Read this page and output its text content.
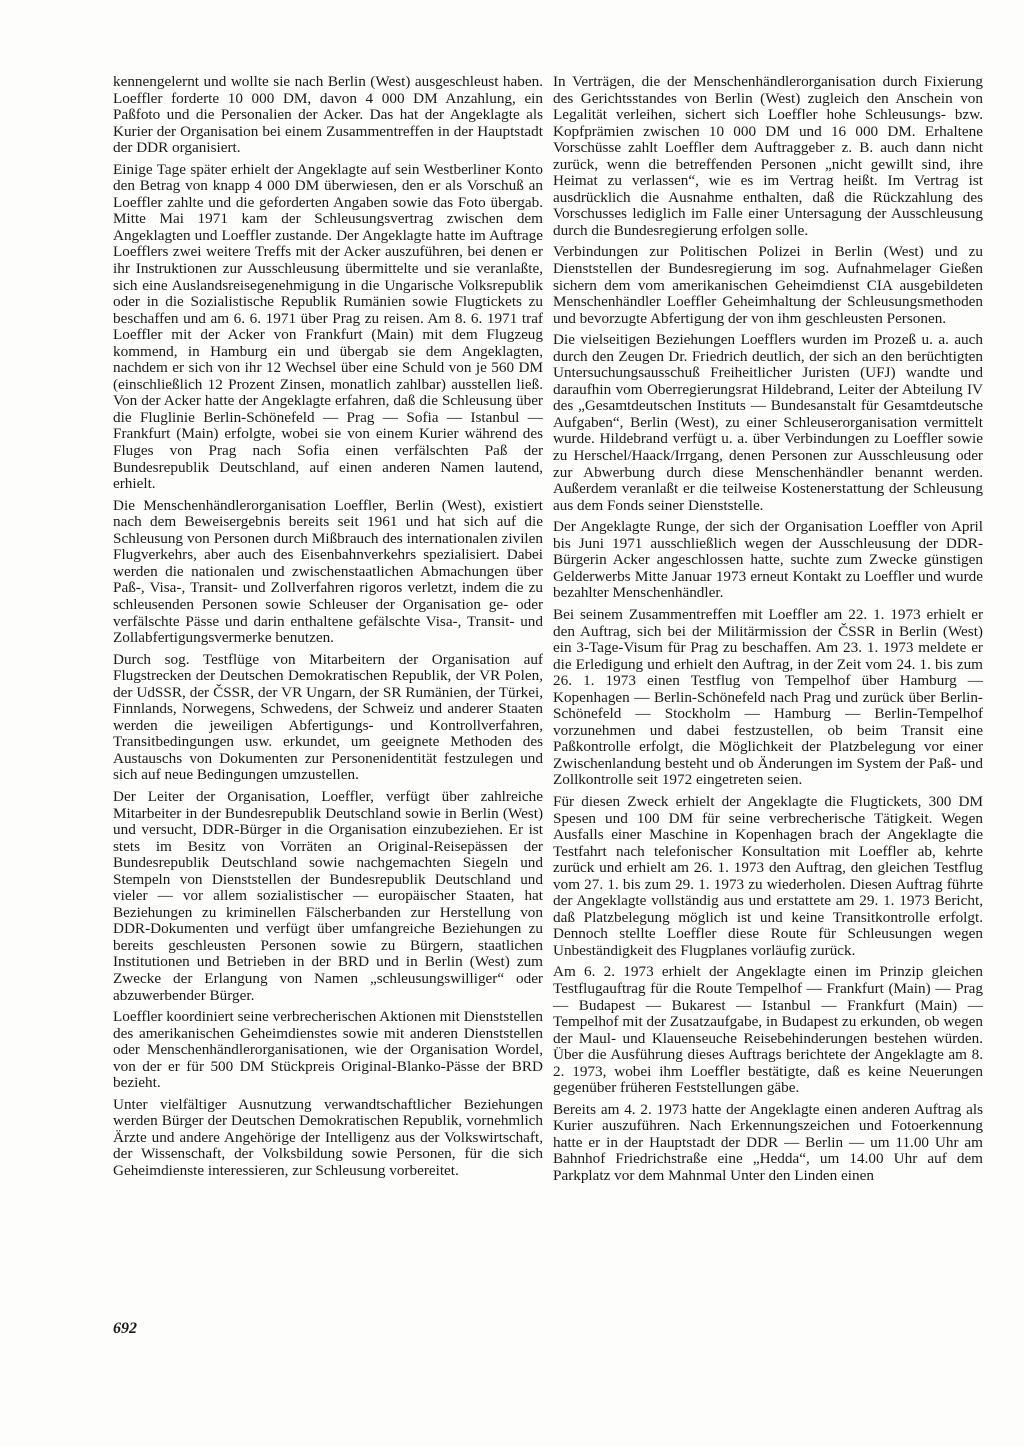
kennengelernt und wollte sie nach Berlin (West) ausgeschleust haben. Loeffler forderte 10 000 DM, davon 4 000 DM Anzahlung, ein Paßfoto und die Personalien der Acker. Das hat der Angeklagte als Kurier der Organisation bei einem Zusammentreffen in der Hauptstadt der DDR organisiert.

Einige Tage später erhielt der Angeklagte auf sein Westberliner Konto den Betrag von knapp 4 000 DM überwiesen, den er als Vorschuß an Loeffler zahlte und die geforderten Angaben sowie das Foto übergab. Mitte Mai 1971 kam der Schleusungsvertrag zwischen dem Angeklagten und Loeffler zustande. Der Angeklagte hatte im Auftrage Loefflers zwei weitere Treffs mit der Acker auszuführen, bei denen er ihr Instruktionen zur Ausschleusung übermittelte und sie veranlaßte, sich eine Auslandsreisegenehmigung in die Ungarische Volksrepublik oder in die Sozialistische Republik Rumänien sowie Flugtickets zu beschaffen und am 6. 6. 1971 über Prag zu reisen. Am 8. 6. 1971 traf Loeffler mit der Acker von Frankfurt (Main) mit dem Flugzeug kommend, in Hamburg ein und übergab sie dem Angeklagten, nachdem er sich von ihr 12 Wechsel über eine Schuld von je 560 DM (einschließlich 12 Prozent Zinsen, monatlich zahlbar) ausstellen ließ. Von der Acker hatte der Angeklagte erfahren, daß die Schleusung über die Fluglinie Berlin-Schönefeld — Prag — Sofia — Istanbul — Frankfurt (Main) erfolgte, wobei sie von einem Kurier während des Fluges von Prag nach Sofia einen verfälschten Paß der Bundesrepublik Deutschland, auf einen anderen Namen lautend, erhielt.

Die Menschenhändlerorganisation Loeffler, Berlin (West), existiert nach dem Beweisergebnis bereits seit 1961 und hat sich auf die Schleusung von Personen durch Mißbrauch des internationalen zivilen Flugverkehrs, aber auch des Eisenbahnverkehrs spezialisiert. Dabei werden die nationalen und zwischenstaatlichen Abmachungen über Paß-, Visa-, Transit- und Zollverfahren rigoros verletzt, indem die zu schleusenden Personen sowie Schleuser der Organisation ge- oder verfälschte Pässe und darin enthaltene gefälschte Visa-, Transit- und Zollabfertigungsvermerke benutzen.

Durch sog. Testflüge von Mitarbeitern der Organisation auf Flugstrecken der Deutschen Demokratischen Republik, der VR Polen, der UdSSR, der ČSSR, der VR Ungarn, der SR Rumänien, der Türkei, Finnlands, Norwegens, Schwedens, der Schweiz und anderer Staaten werden die jeweiligen Abfertigungs- und Kontrollverfahren, Transitbedingungen usw. erkundet, um geeignete Methoden des Austauschs von Dokumenten zur Personenidentität festzulegen und sich auf neue Bedingungen umzustellen.

Der Leiter der Organisation, Loeffler, verfügt über zahlreiche Mitarbeiter in der Bundesrepublik Deutschland sowie in Berlin (West) und versucht, DDR-Bürger in die Organisation einzubeziehen. Er ist stets im Besitz von Vorräten an Original-Reisepässen der Bundesrepublik Deutschland sowie nachgemachten Siegeln und Stempeln von Dienststellen der Bundesrepublik Deutschland und vieler — vor allem sozialistischer — europäischer Staaten, hat Beziehungen zu kriminellen Fälscherbanden zur Herstellung von DDR-Dokumenten und verfügt über umfangreiche Beziehungen zu bereits geschleusten Personen sowie zu Bürgern, staatlichen Institutionen und Betrieben in der BRD und in Berlin (West) zum Zwecke der Erlangung von Namen „schleusungswilliger“ oder abzuwerbender Bürger.

Loeffler koordiniert seine verbrecherischen Aktionen mit Dienststellen des amerikanischen Geheimdienstes sowie mit anderen Dienststellen oder Menschenhändlerorganisationen, wie der Organisation Wordel, von der er für 500 DM Stückpreis Original-Blanko-Pässe der BRD bezieht.

Unter vielfältiger Ausnutzung verwandtschaftlicher Beziehungen werden Bürger der Deutschen Demokratischen Republik, vornehmlich Ärzte und andere Angehörige der Intelligenz aus der Volkswirtschaft, der Wissenschaft, der Volksbildung sowie Personen, für die sich Geheimdienste interessieren, zur Schleusung vorbereitet.

In Verträgen, die der Menschenhändlerorganisation durch Fixierung des Gerichtsstandes von Berlin (West) zugleich den Anschein von Legalität verleihen, sichert sich Loeffler hohe Schleusungs- bzw. Kopfprämien zwischen 10 000 DM und 16 000 DM. Erhaltene Vorschüsse zahlt Loeffler dem Auftraggeber z. B. auch dann nicht zurück, wenn die betreffenden Personen „nicht gewillt sind, ihre Heimat zu verlassen“, wie es im Vertrag heißt. Im Vertrag ist ausdrücklich die Ausnahme enthalten, daß die Rückzahlung des Vorschusses lediglich im Falle einer Untersagung der Ausschleusung durch die Bundesregierung erfolgen solle.

Verbindungen zur Politischen Polizei in Berlin (West) und zu Dienststellen der Bundesregierung im sog. Aufnahmelager Gießen sichern dem vom amerikanischen Geheimdienst CIA ausgebildeten Menschenhändler Loeffler Geheimhaltung der Schleusungsmethoden und bevorzugte Abfertigung der von ihm geschleusten Personen.

Die vielseitigen Beziehungen Loefflers wurden im Prozeß u. a. auch durch den Zeugen Dr. Friedrich deutlich, der sich an den berüchtigten Untersuchungsausschuß Freiheitlicher Juristen (UFJ) wandte und daraufhin vom Oberregierungsrat Hildebrand, Leiter der Abteilung IV des „Gesamtdeutschen Instituts — Bundesanstalt für Gesamtdeutsche Aufgaben“, Berlin (West), zu einer Schleuserorganisation vermittelt wurde. Hildebrand verfügt u. a. über Verbindungen zu Loeffler sowie zu Herschel/Haack/Irrgang, denen Personen zur Ausschleusung oder zur Abwerbung durch diese Menschenhändler benannt werden. Außerdem veranlaßt er die teilweise Kostenerstattung der Schleusung aus dem Fonds seiner Dienststelle.

Der Angeklagte Runge, der sich der Organisation Loeffler von April bis Juni 1971 ausschließlich wegen der Ausschleusung der DDR-Bürgerin Acker angeschlossen hatte, suchte zum Zwecke günstigen Gelderwerbs Mitte Januar 1973 erneut Kontakt zu Loeffler und wurde bezahlter Menschenhändler.

Bei seinem Zusammentreffen mit Loeffler am 22. 1. 1973 erhielt er den Auftrag, sich bei der Militärmission der ČSSR in Berlin (West) ein 3-Tage-Visum für Prag zu beschaffen. Am 23. 1. 1973 meldete er die Erledigung und erhielt den Auftrag, in der Zeit vom 24. 1. bis zum 26. 1. 1973 einen Testflug von Tempelhof über Hamburg — Kopenhagen — Berlin-Schönefeld nach Prag und zurück über Berlin-Schönefeld — Stockholm — Hamburg — Berlin-Tempelhof vorzunehmen und dabei festzustellen, ob beim Transit eine Paßkontrolle erfolgt, die Möglichkeit der Platzbelegung vor einer Zwischenlandung besteht und ob Änderungen im System der Paß- und Zollkontrolle seit 1972 eingetreten seien.

Für diesen Zweck erhielt der Angeklagte die Flugtickets, 300 DM Spesen und 100 DM für seine verbrecherische Tätigkeit. Wegen Ausfalls einer Maschine in Kopenhagen brach der Angeklagte die Testfahrt nach telefonischer Konsultation mit Loeffler ab, kehrte zurück und erhielt am 26. 1. 1973 den Auftrag, den gleichen Testflug vom 27. 1. bis zum 29. 1. 1973 zu wiederholen. Diesen Auftrag führte der Angeklagte vollständig aus und erstattete am 29. 1. 1973 Bericht, daß Platzbelegung möglich ist und keine Transitkontrolle erfolgt. Dennoch stellte Loeffler diese Route für Schleusungen wegen Unbeständigkeit des Flugplanes vorläufig zurück.

Am 6. 2. 1973 erhielt der Angeklagte einen im Prinzip gleichen Testflugauftrag für die Route Tempelhof — Frankfurt (Main) — Prag — Budapest — Bukarest — Istanbul — Frankfurt (Main) — Tempelhof mit der Zusatzaufgabe, in Budapest zu erkunden, ob wegen der Maul- und Klauenseuche Reisebehinderungen bestehen würden. Über die Ausführung dieses Auftrags berichtete der Angeklagte am 8. 2. 1973, wobei ihm Loeffler bestätigte, daß es keine Neuerungen gegenüber früheren Feststellungen gäbe.

Bereits am 4. 2. 1973 hatte der Angeklagte einen anderen Auftrag als Kurier auszuführen. Nach Erkennungszeichen und Fotoerkennung hatte er in der Hauptstadt der DDR — Berlin — um 11.00 Uhr am Bahnhof Friedrichstraße eine „Hedda“, um 14.00 Uhr auf dem Parkplatz vor dem Mahnmal Unter den Linden einen

692
